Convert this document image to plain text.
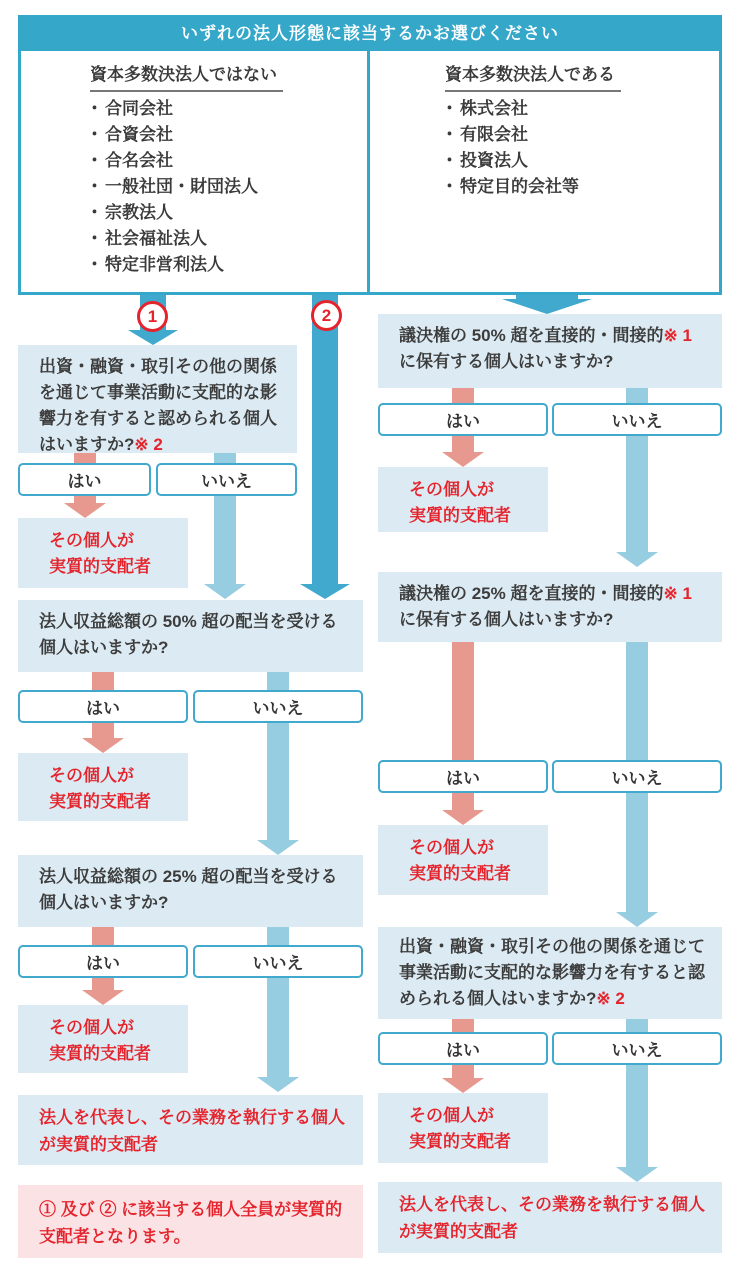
いずれの法人形態に該当するかお選びください
資本多数決法人ではない
・ 合同会社
・ 合資会社
・ 合名会社
・ 一般社団・財団法人
・ 宗教法人
・ 社会福祉法人
・ 特定非営利法人
資本多数決法人である
・ 株式会社
・ 有限会社
・ 投資法人
・ 特定目的会社等
1	2
出資・融資・取引その他の関係
を通じて事業活動に支配的な影
響力を有すると認められる個人
はいますか?※ 2
はい	いいえ
その個人が
実質的支配者
法人収益総額の 50% 超の配当を受ける
個人はいますか?
はい	いいえ
その個人が
実質的支配者
法人収益総額の 25% 超の配当を受ける
個人はいますか?
はい	いいえ
その個人が
実質的支配者
法人を代表し、その業務を執行する個人
が実質的支配者
① 及び ② に該当する個人全員が実質的
支配者となります。
議決権の 50% 超を直接的・間接的※ 1
に保有する個人はいますか?
はい	いいえ
その個人が
実質的支配者
議決権の 25% 超を直接的・間接的※ 1
に保有する個人はいますか?
はい	いいえ
その個人が
実質的支配者
出資・融資・取引その他の関係を通じて
事業活動に支配的な影響力を有すると認
められる個人はいますか?※ 2
はい	いいえ
その個人が
実質的支配者
法人を代表し、その業務を執行する個人
が実質的支配者
